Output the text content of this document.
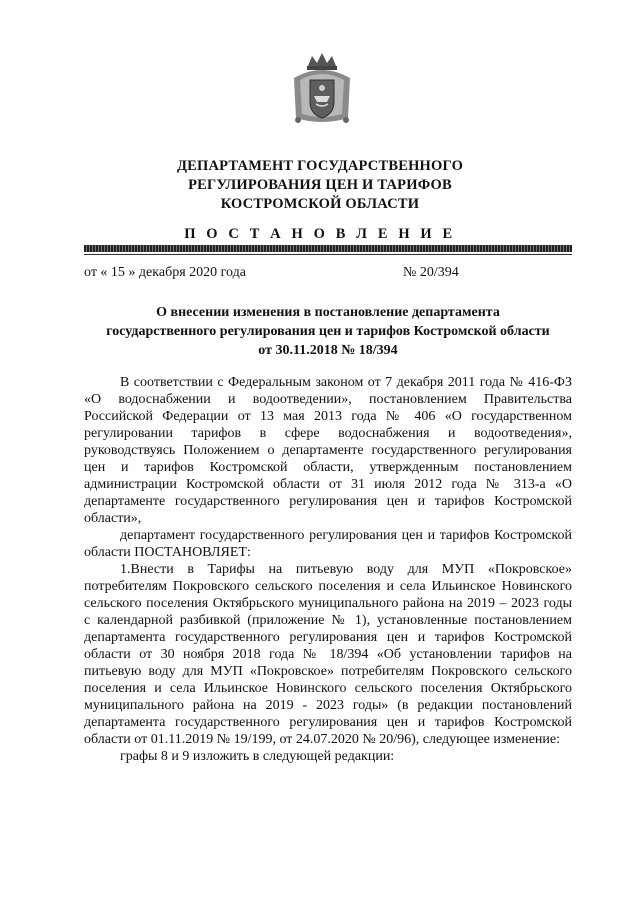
ДЕПАРТАМЕНТ ГОСУДАРСТВЕННОГО
РЕГУЛИРОВАНИЯ ЦЕН И ТАРИФОВ
КОСТРОМСКОЙ ОБЛАСТИ
П О С Т А Н О В Л Е Н И Е
от « 15 » декабря 2020 года	№ 20/394
О внесении изменения в постановление департамента
государственного регулирования цен и тарифов Костромской области
от 30.11.2018 № 18/394

В соответствии с Федеральным законом от 7 декабря 2011 года № 416-ФЗ «О водоснабжении и водоотведении», постановлением Правительства Российской Федерации от 13 мая 2013 года № 406 «О государственном регулировании тарифов в сфере водоснабжения и водоотведения», руководствуясь Положением о департаменте государственного регулирования цен и тарифов Костромской области, утвержденным постановлением администрации Костромской области от 31 июля 2012 года № 313-а «О департаменте государственного регулирования цен и тарифов Костромской области»,

департамент государственного регулирования цен и тарифов Костромской области ПОСТАНОВЛЯЕТ:

1.Внести в Тарифы на питьевую воду для МУП «Покровское» потребителям Покровского сельского поселения и села Ильинское Новинского сельского поселения Октябрьского муниципального района на 2019 – 2023 годы с календарной разбивкой (приложение № 1), установленные постановлением департамента государственного регулирования цен и тарифов Костромской области от 30 ноября 2018 года № 18/394 «Об установлении тарифов на питьевую воду для МУП «Покровское» потребителям Покровского сельского поселения и села Ильинское Новинского сельского поселения Октябрьского муниципального района на 2019 - 2023 годы» (в редакции постановлений департамента государственного регулирования цен и тарифов Костромской области от 01.11.2019 № 19/199, от 24.07.2020 № 20/96), следующее изменение:

графы 8 и 9 изложить в следующей редакции:
